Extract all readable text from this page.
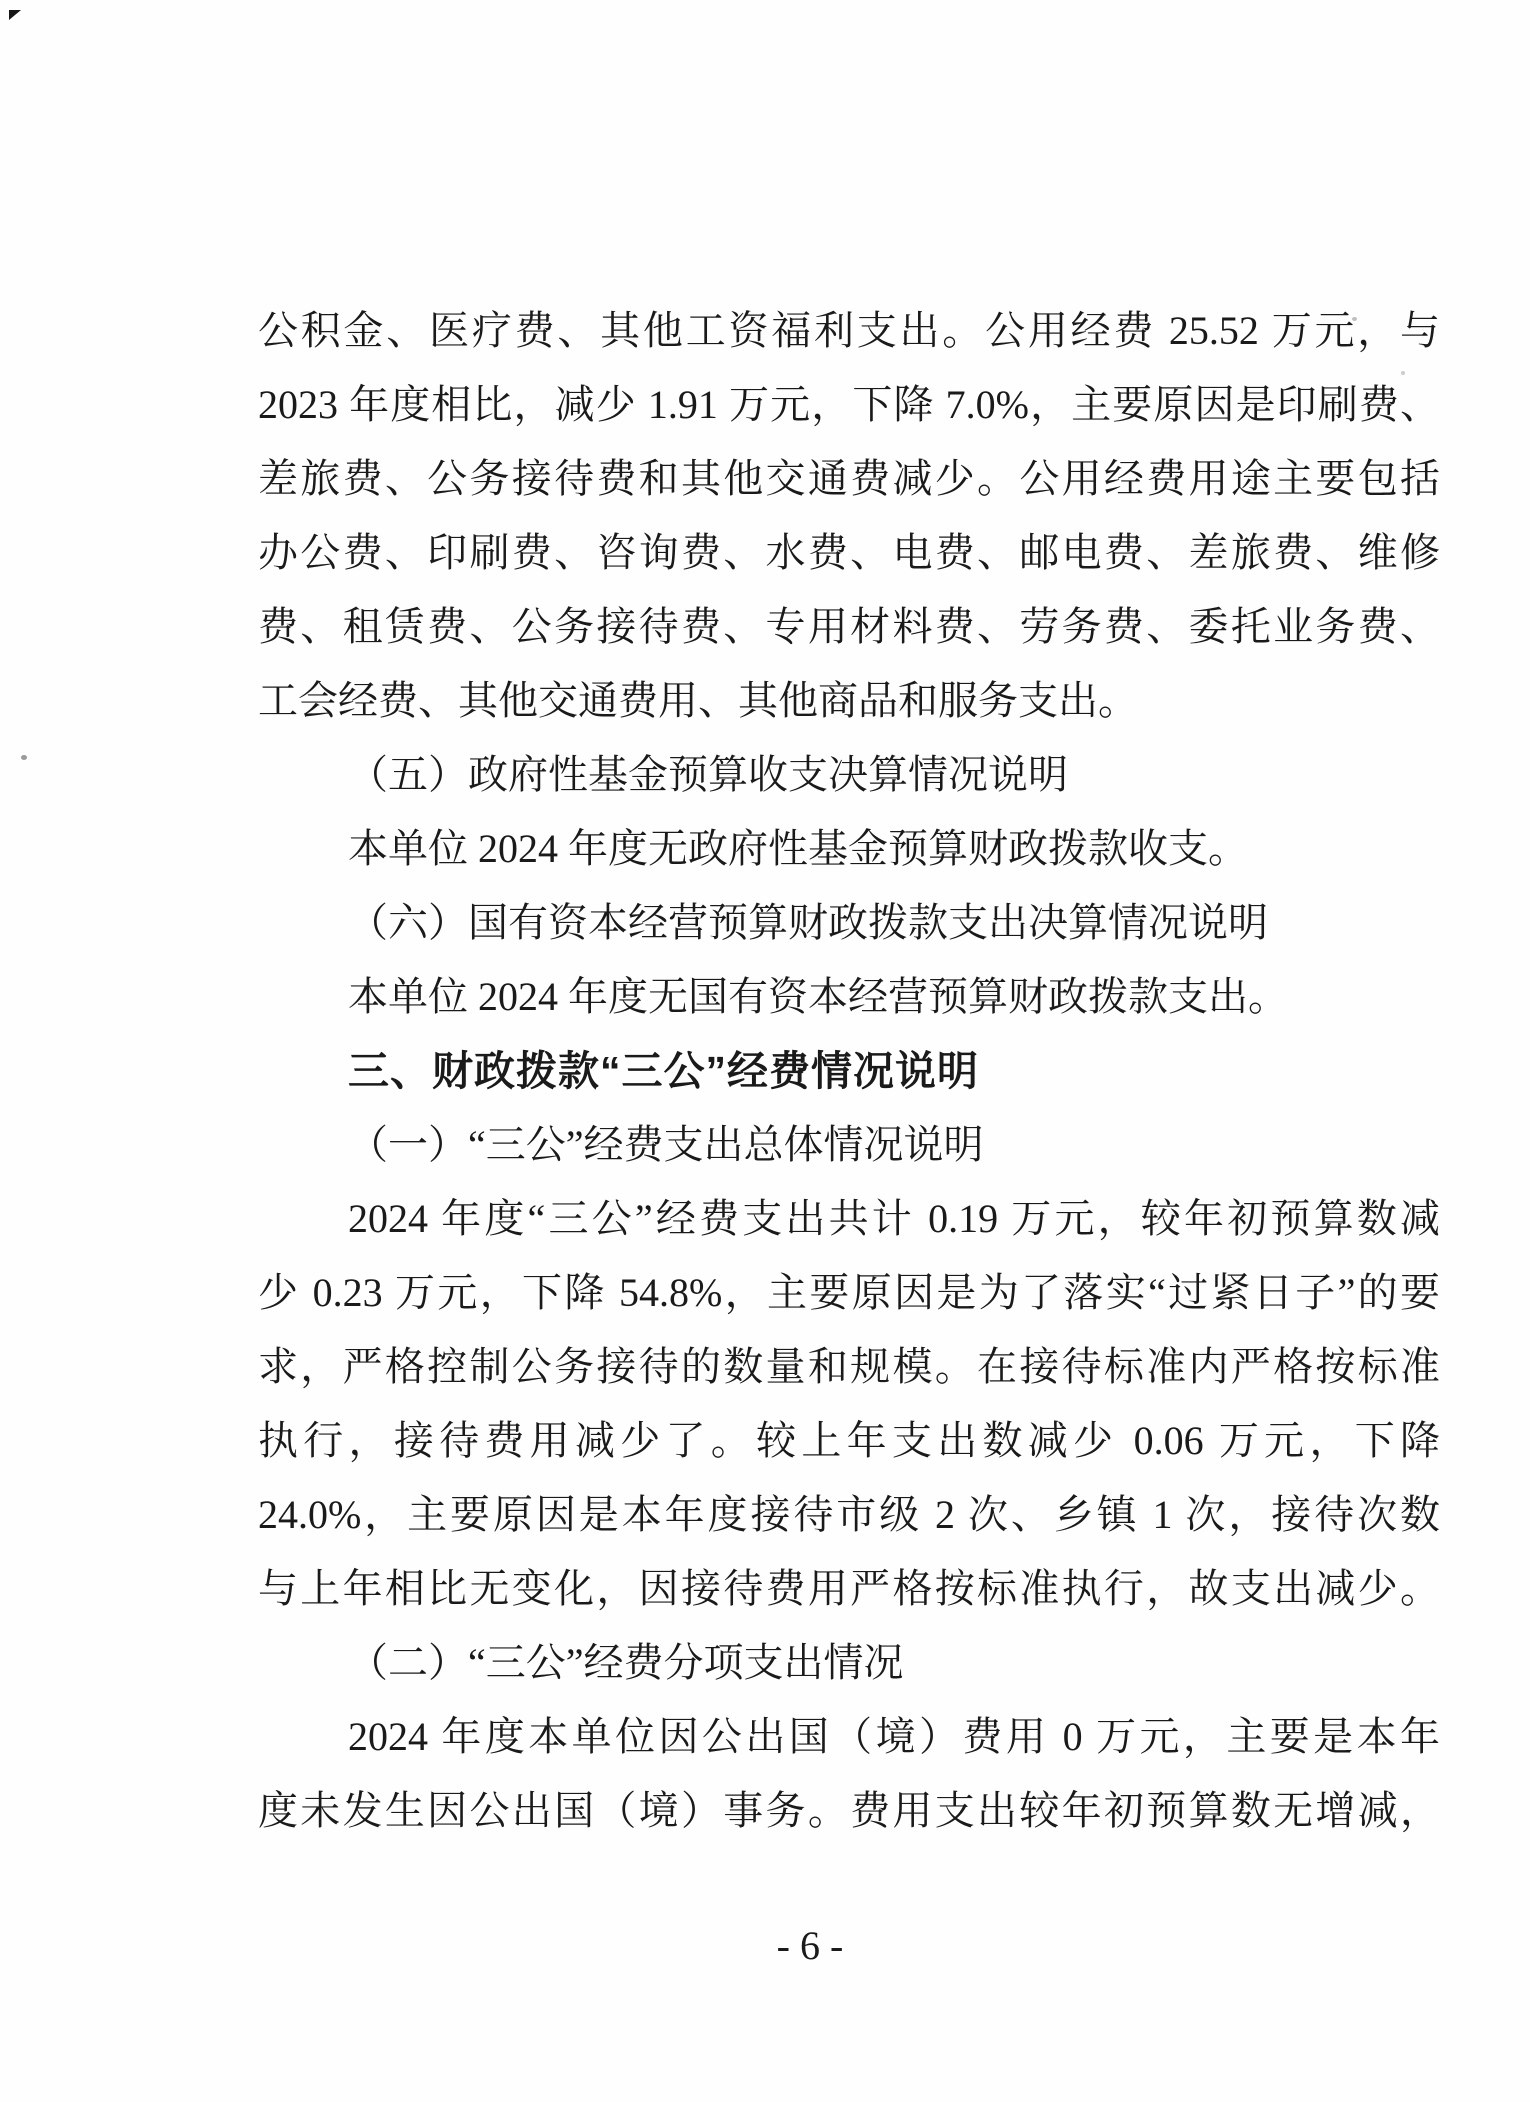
公积金、医疗费、其他工资福利支出。公用经费 25.52 万元，与
2023 年度相比，减少 1.91 万元，下降 7.0%，主要原因是印刷费、
差旅费、公务接待费和其他交通费减少。公用经费用途主要包括
办公费、印刷费、咨询费、水费、电费、邮电费、差旅费、维修
费、租赁费、公务接待费、专用材料费、劳务费、委托业务费、
工会经费、其他交通费用、其他商品和服务支出。
（五）政府性基金预算收支决算情况说明
本单位 2024 年度无政府性基金预算财政拨款收支。
（六）国有资本经营预算财政拨款支出决算情况说明
本单位 2024 年度无国有资本经营预算财政拨款支出。
三、财政拨款“三公”经费情况说明
（一）“三公”经费支出总体情况说明
2024 年度“三公”经费支出共计 0.19 万元，较年初预算数减
少 0.23 万元，下降 54.8%，主要原因是为了落实“过紧日子”的要
求，严格控制公务接待的数量和规模。在接待标准内严格按标准
执行，接待费用减少了。较上年支出数减少 0.06 万元，下降
24.0%，主要原因是本年度接待市级 2 次、乡镇 1 次，接待次数
与上年相比无变化，因接待费用严格按标准执行，故支出减少。
（二）“三公”经费分项支出情况
2024 年度本单位因公出国（境）费用 0 万元，主要是本年
度未发生因公出国（境）事务。费用支出较年初预算数无增减，
- 6 -
